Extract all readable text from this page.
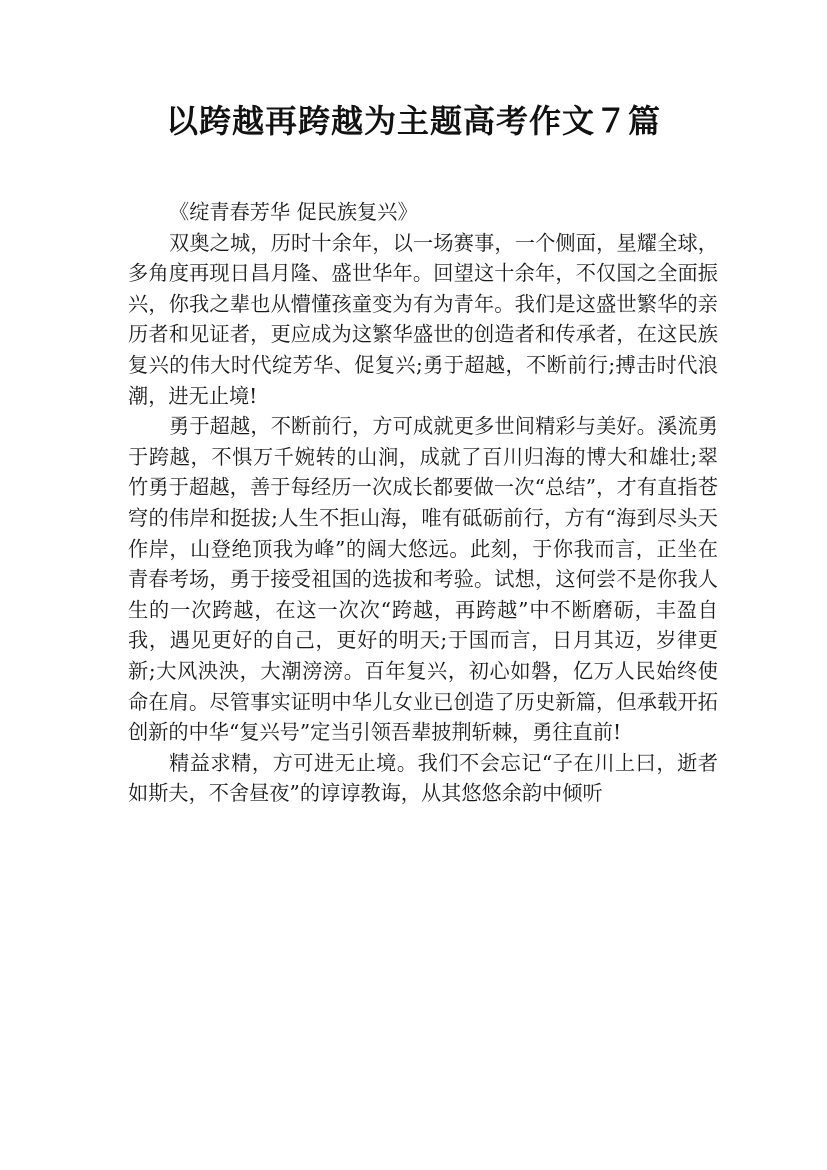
以跨越再跨越为主题高考作文７篇

《绽青春芳华 促民族复兴》

双奥之城，历时十余年，以一场赛事，一个侧面，星耀全球，多角度再现日昌月隆、盛世华年。回望这十余年，不仅国之全面振兴，你我之辈也从懵懂孩童变为有为青年。我们是这盛世繁华的亲历者和见证者，更应成为这繁华盛世的创造者和传承者，在这民族复兴的伟大时代绽芳华、促复兴;勇于超越，不断前行;搏击时代浪潮，进无止境!

勇于超越，不断前行，方可成就更多世间精彩与美好。溪流勇于跨越，不惧万千婉转的山涧，成就了百川归海的博大和雄壮;翠竹勇于超越，善于每经历一次成长都要做一次“总结”，才有直指苍穹的伟岸和挺拔;人生不拒山海，唯有砥砺前行，方有“海到尽头天作岸，山登绝顶我为峰”的阔大悠远。此刻，于你我而言，正坐在青春考场，勇于接受祖国的选拔和考验。试想，这何尝不是你我人生的一次跨越，在这一次次“跨越，再跨越”中不断磨砺，丰盈自我，遇见更好的自己，更好的明天;于国而言，日月其迈，岁律更新;大风泱泱，大潮滂滂。百年复兴，初心如磐，亿万人民始终使命在肩。尽管事实证明中华儿女业已创造了历史新篇，但承载开拓创新的中华“复兴号”定当引领吾辈披荆斩棘，勇往直前!

精益求精，方可进无止境。我们不会忘记“子在川上曰，逝者如斯夫，不舍昼夜”的谆谆教诲，从其悠悠余韵中倾听
